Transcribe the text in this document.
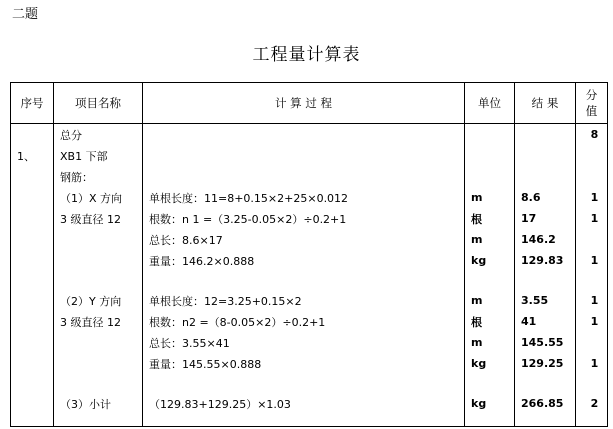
二题
工程量计算表
序号	项目名称	计 算 过 程	单位	结 果	分
值
	总分				8
1、	XB1 下部				
	钢筋：				
	（1）X 方向	单根长度：11=8+0.15×2+25×0.012	m	8.6	1
	3 级直径 12	根数：n 1 =（3.25-0.05×2）÷0.2+1	根	17	1
		总长：8.6×17	m	146.2	
		重量：146.2×0.888	kg	129.83	1

	（2）Y 方向	单根长度：12=3.25+0.15×2	m	3.55	1
	3 级直径 12	根数：n2 =（8-0.05×2）÷0.2+1	根	41	1
		总长：3.55×41	m	145.55	
		重量：145.55×0.888	kg	129.25	1

	（3）小计	（129.83+129.25）×1.03	kg	266.85	2
